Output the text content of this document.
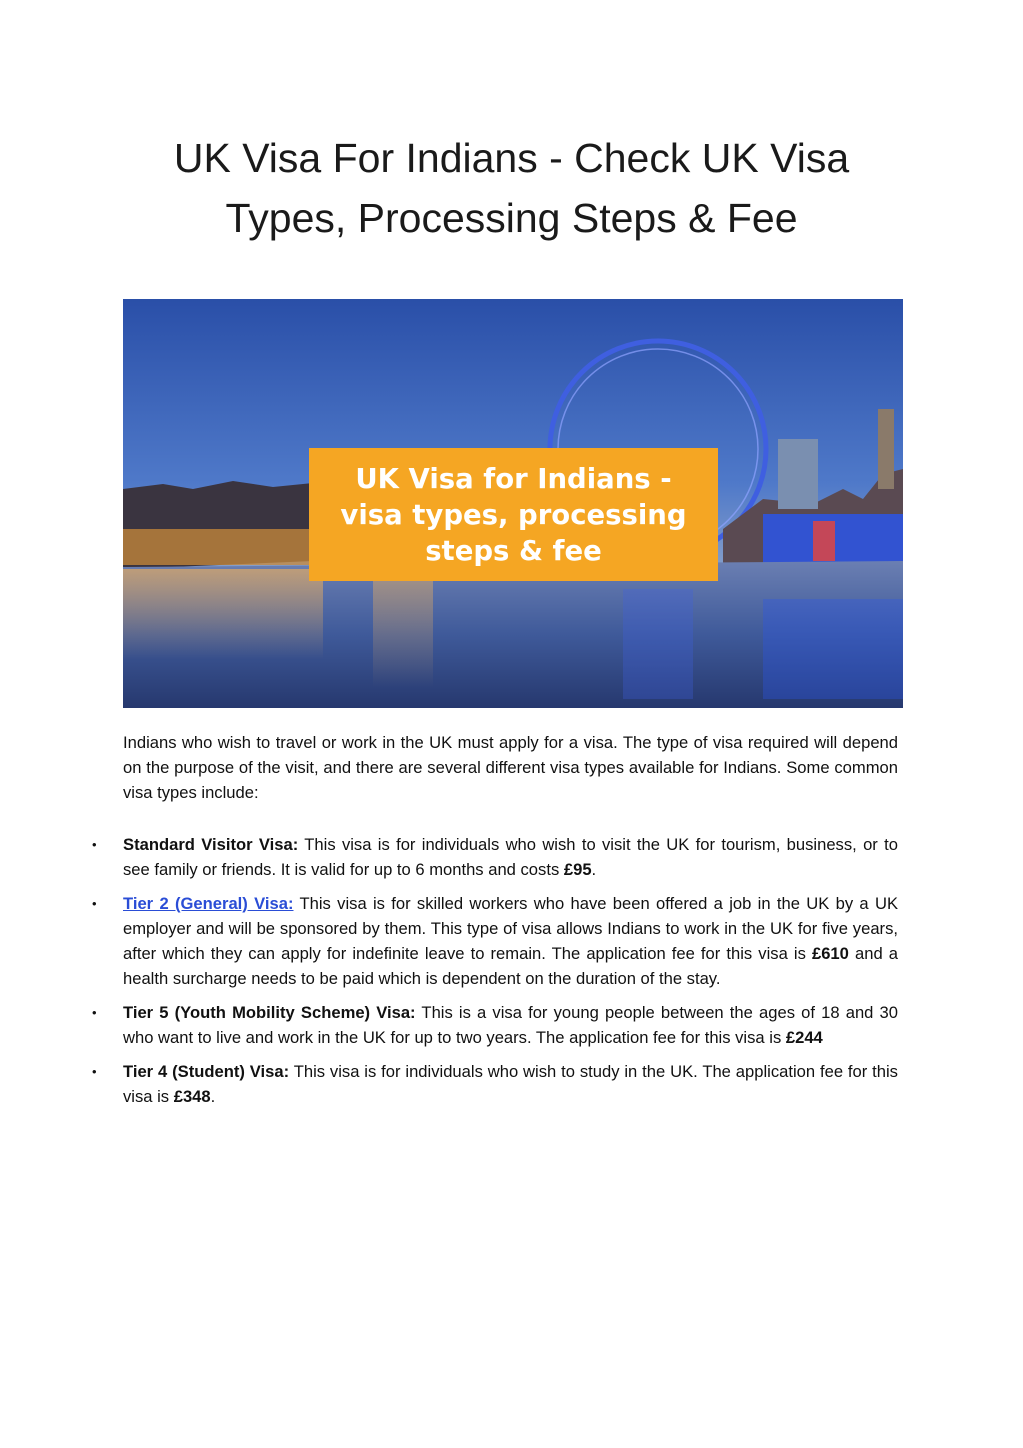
UK Visa For Indians - Check UK Visa
Types, Processing Steps & Fee
UK Visa for Indians -
visa types, processing
steps & fee

Indians who wish to travel or work in the UK must apply for a visa. The type of visa required will depend on the purpose of the visit, and there are several different visa types available for Indians. Some common visa types include:

• Standard Visitor Visa: This visa is for individuals who wish to visit the UK for tourism, business, or to see family or friends. It is valid for up to 6 months and costs £95.
• Tier 2 (General) Visa: This visa is for skilled workers who have been offered a job in the UK by a UK employer and will be sponsored by them. This type of visa allows Indians to work in the UK for five years, after which they can apply for indefinite leave to remain. The application fee for this visa is £610 and a health surcharge needs to be paid which is dependent on the duration of the stay.
• Tier 5 (Youth Mobility Scheme) Visa: This is a visa for young people between the ages of 18 and 30 who want to live and work in the UK for up to two years. The application fee for this visa is £244
• Tier 4 (Student) Visa: This visa is for individuals who wish to study in the UK. The application fee for this visa is £348.
